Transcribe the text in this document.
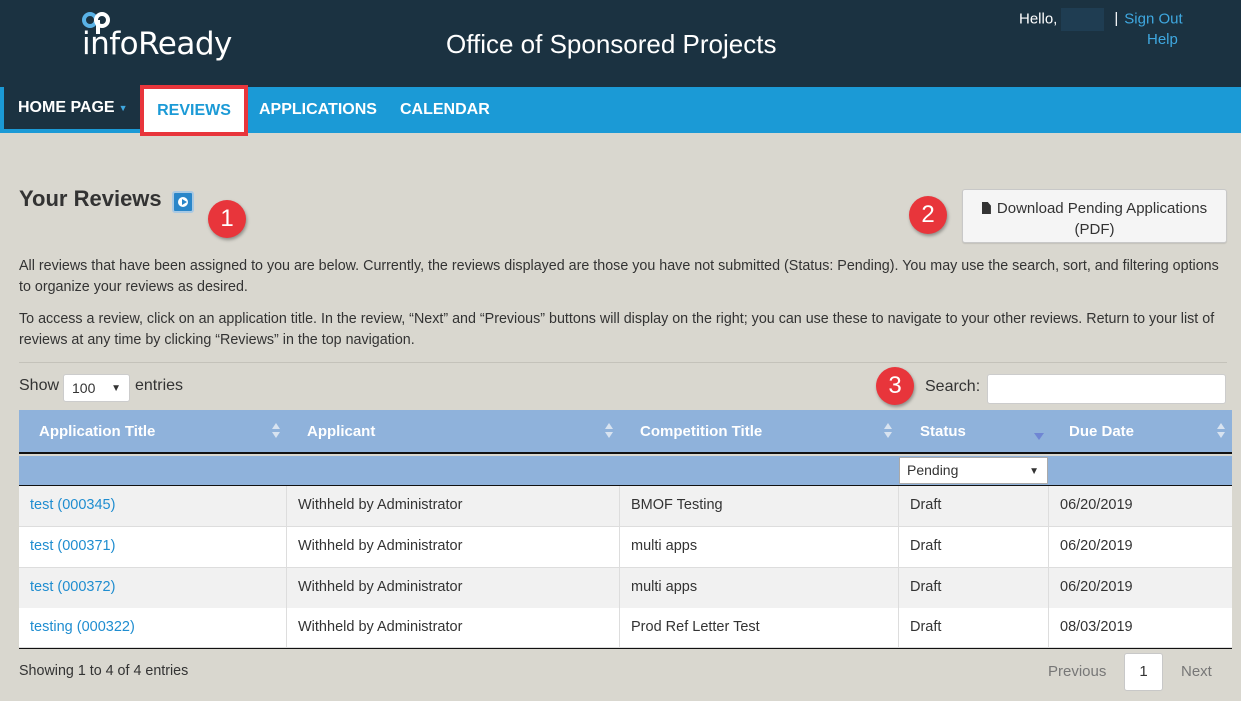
infoReady	Office of Sponsored Projects
Hello,	| Sign Out
Help
HOME PAGE ▼	REVIEWS	APPLICATIONS CALENDAR
Your Reviews
1	2
3
Download Pending Applications (PDF)
All reviews that have been assigned to you are below. Currently, the reviews displayed are those you have not submitted (Status: Pending). You may use the search, sort, and filtering options to organize your reviews as desired.
To access a review, click on an application title. In the review, “Next” and “Previous” buttons will display on the right; you can use these to navigate to your other reviews. Return to your list of reviews at any time by clicking “Reviews” in the top navigation.
Show 100 ▼ entries	Search:
Application Title	Applicant	Competition Title	Status	Due Date
Pending	▼
test (000345)	Withheld by Administrator	BMOF Testing	Draft	06/20/2019
test (000371)	Withheld by Administrator	multi apps	Draft	06/20/2019
test (000372)	Withheld by Administrator	multi apps	Draft	06/20/2019
testing (000322)	Withheld by Administrator	Prod Ref Letter Test	Draft	08/03/2019
Showing 1 to 4 of 4 entries	Previous	1	Next
